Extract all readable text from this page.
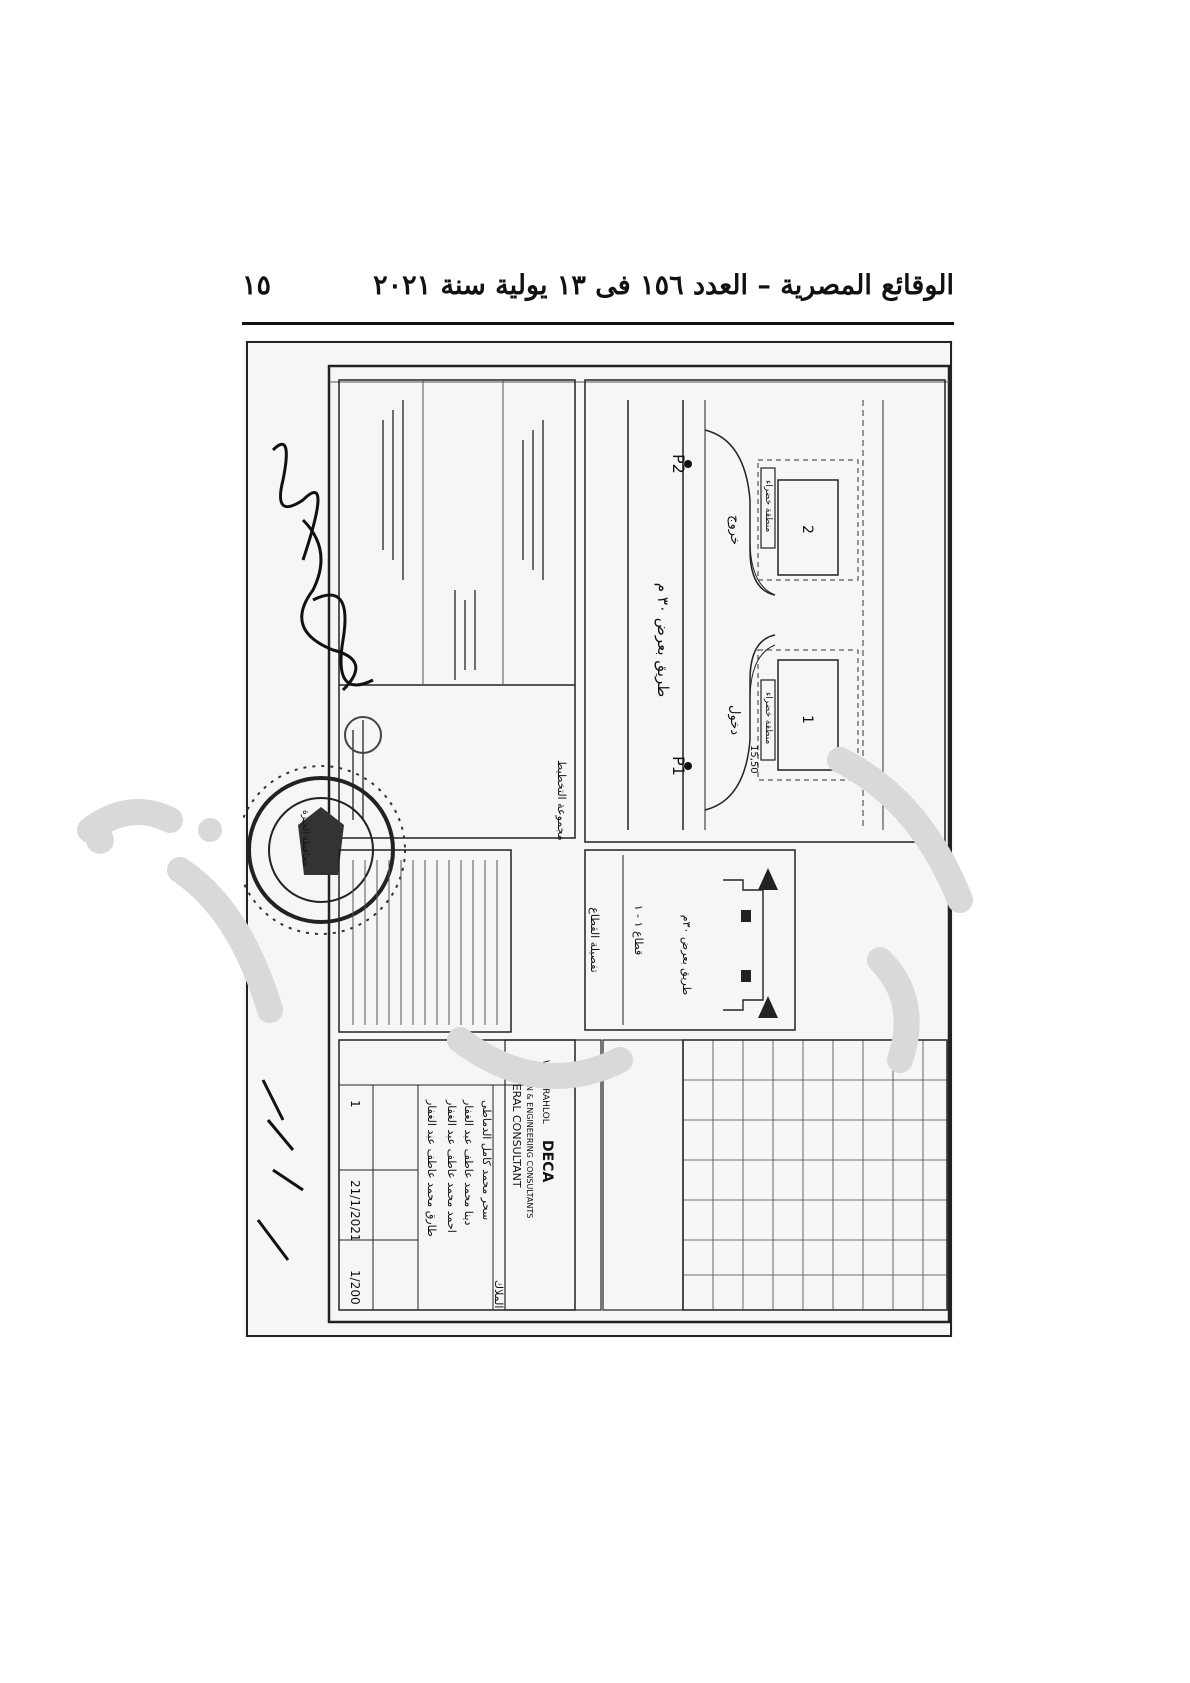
الوقائع المصرية – العدد ١٥٦ فى ١٣ يولية سنة ٢٠٢١
١٥
طريق بعرض ٣٠ م
دخول
خروج
P2
P1
منطقة خضراء
منطقة خضراء 1
2
15,50
قطاع ١ - ١
تفصيلة القطاع	طريق بعرض ٣٠م
GENERAL CONSULTANT DESIGN & ENGINEERING CONSULTANTS DECA
WAEL RAHLOL
الملاك
طارق محمد عاطف عبد الغفار احمد محمد عاطف عبد الغفار دينا محمد عاطف عبد الغفار سحر محمد كامل الدماطى
1/200
1
21/1/2021
مجموعة التخطيط
محافظة الجيزة
